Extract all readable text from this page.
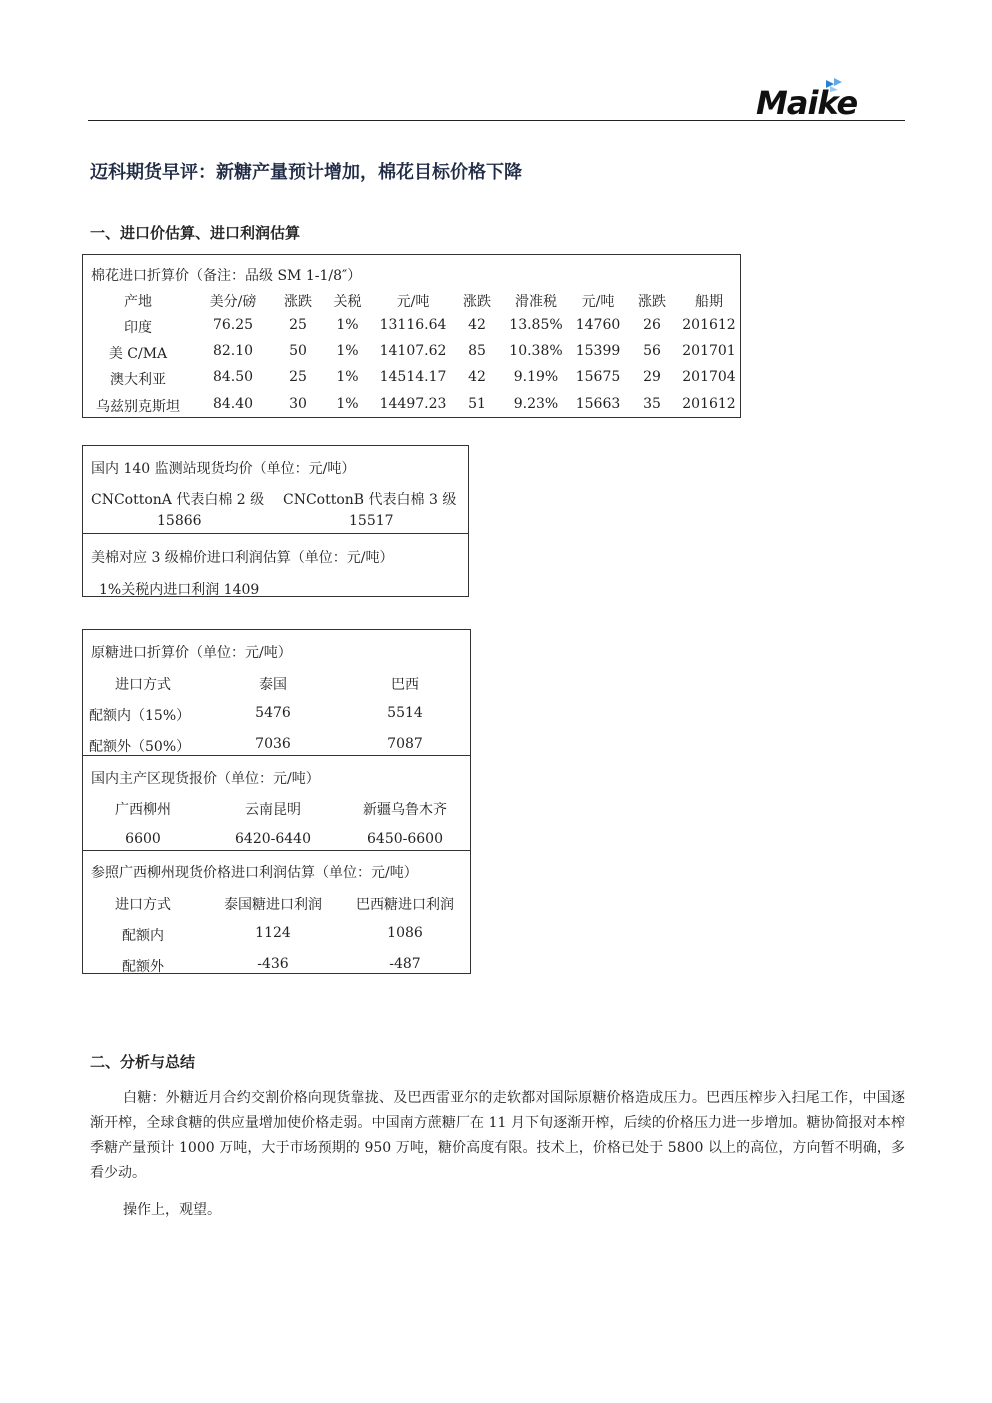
Maike
迈科期货早评：新糖产量预计增加，棉花目标价格下降
一、进口价估算、进口利润估算
棉花进口折算价（备注：品级 SM 1-1/8″）
产地	美分/磅	涨跌	关税	元/吨	涨跌	滑准税	元/吨	涨跌	船期
印度	76.25	25	1%	13116.64	42	13.85% 14760	26	201612
美 C/MA	82.10	50	1%	14107.62	85	10.38% 15399	56	201701
澳大利亚	84.50	25	1%	14514.17	42	9.19%	15675	29	201704
乌兹别克斯坦	84.40	30	1%	14497.23	51	9.23%	15663	35	201612
国内 140 监测站现货均价（单位：元/吨）
CNCottonA 代表白棉 2 级 CNCottonB 代表白棉 3 级
15866	15517
美棉对应 3 级棉价进口利润估算（单位：元/吨）
1%关税内进口利润 1409
原糖进口折算价（单位：元/吨）
进口方式	泰国	巴西
配额内（15%）	5476	5514
配额外（50%）	7036	7087
国内主产区现货报价（单位：元/吨）
广西柳州	云南昆明	新疆乌鲁木齐
6600	6420-6440	6450-6600
参照广西柳州现货价格进口利润估算（单位：元/吨）
进口方式	泰国糖进口利润	巴西糖进口利润
配额内	1124	1086
配额外	-436	-487
二、分析与总结
白糖：外糖近月合约交割价格向现货靠拢、及巴西雷亚尔的走软都对国际原糖价格造成压力。巴西压榨步入扫尾工作，中国逐渐开榨，全球食糖的供应量增加使价格走弱。中国南方蔗糖厂在 11 月下旬逐渐开榨，后续的价格压力进一步增加。糖协简报对本榨季糖产量预计 1000 万吨，大于市场预期的 950 万吨，糖价高度有限。技术上，价格已处于 5800 以上的高位，方向暂不明确，多看少动。
操作上，观望。
